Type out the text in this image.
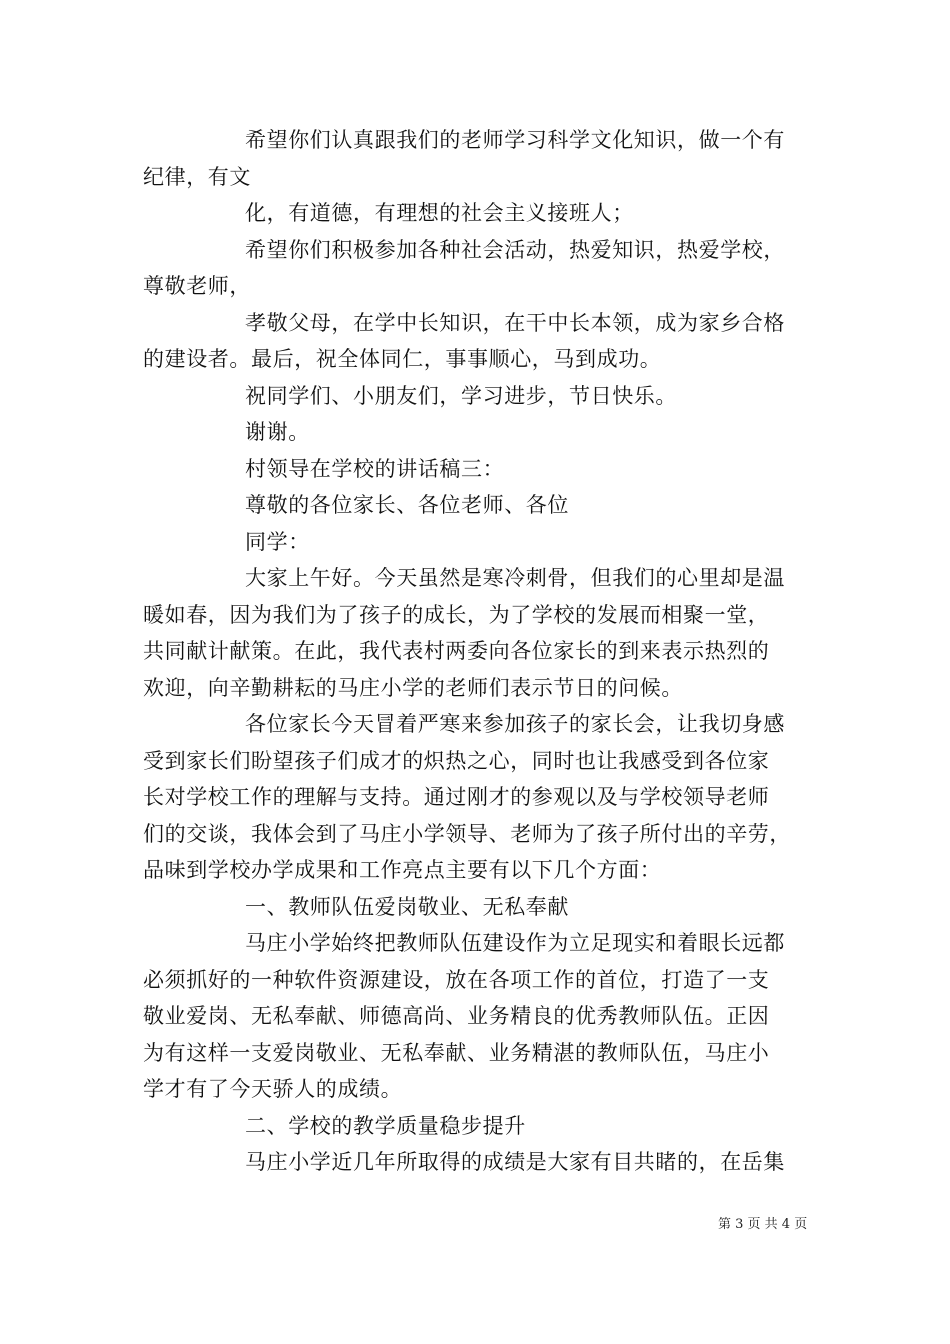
希望你们认真跟我们的老师学习科学文化知识，做一个有

纪律，有文

化，有道德，有理想的社会主义接班人；

希望你们积极参加各种社会活动，热爱知识，热爱学校，

尊敬老师，

孝敬父母，在学中长知识，在干中长本领，成为家乡合格

的建设者。最后，祝全体同仁，事事顺心，马到成功。

祝同学们、小朋友们，学习进步，节日快乐。

谢谢。

村领导在学校的讲话稿三：

尊敬的各位家长、各位老师、各位

同学：

大家上午好。今天虽然是寒冷刺骨，但我们的心里却是温

暖如春，因为我们为了孩子的成长，为了学校的发展而相聚一堂，

共同献计献策。在此，我代表村两委向各位家长的到来表示热烈的

欢迎，向辛勤耕耘的马庄小学的老师们表示节日的问候。

各位家长今天冒着严寒来参加孩子的家长会，让我切身感

受到家长们盼望孩子们成才的炽热之心，同时也让我感受到各位家

长对学校工作的理解与支持。通过刚才的参观以及与学校领导老师

们的交谈，我体会到了马庄小学领导、老师为了孩子所付出的辛劳，

品味到学校办学成果和工作亮点主要有以下几个方面：

一、教师队伍爱岗敬业、无私奉献

马庄小学始终把教师队伍建设作为立足现实和着眼长远都

必须抓好的一种软件资源建设，放在各项工作的首位，打造了一支

敬业爱岗、无私奉献、师德高尚、业务精良的优秀教师队伍。正因

为有这样一支爱岗敬业、无私奉献、业务精湛的教师队伍，马庄小

学才有了今天骄人的成绩。

二、学校的教学质量稳步提升

马庄小学近几年所取得的成绩是大家有目共睹的，在岳集

第 3 页 共 4 页
